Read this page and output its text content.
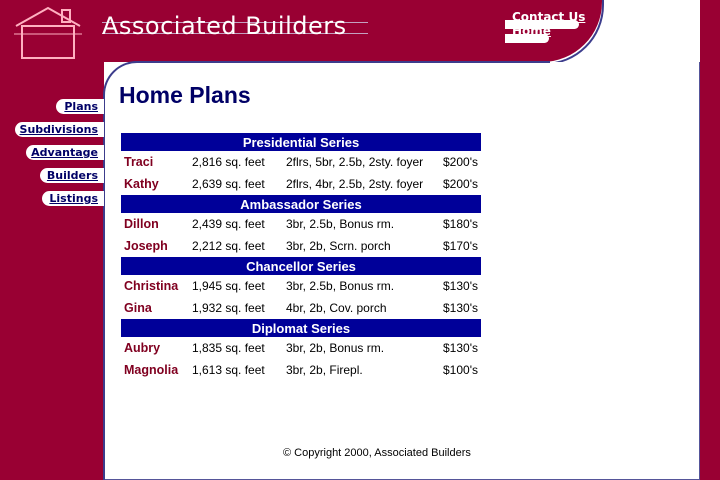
Associated Builders	Contact Us
Home
Plans
Subdivisions
Advantage
Builders
Listings
Home Plans
Presidential Series			
Traci	2,816 sq. feet	2flrs, 5br, 2.5b, 2sty. foyer	$200's
Kathy	2,639 sq. feet	2flrs, 4br, 2.5b, 2sty. foyer	$200's
Ambassador Series			
Dillon	2,439 sq. feet	3br, 2.5b, Bonus rm.	$180's
Joseph	2,212 sq. feet	3br, 2b, Scrn. porch	$170's
Chancellor Series			
Christina	1,945 sq. feet	3br, 2.5b, Bonus rm.	$130's
Gina	1,932 sq. feet	4br, 2b, Cov. porch	$130's
Diplomat Series			
Aubry	1,835 sq. feet	3br, 2b, Bonus rm.	$130's
Magnolia	1,613 sq. feet	3br, 2b, Firepl.	$100's
© Copyright 2000, Associated Builders
